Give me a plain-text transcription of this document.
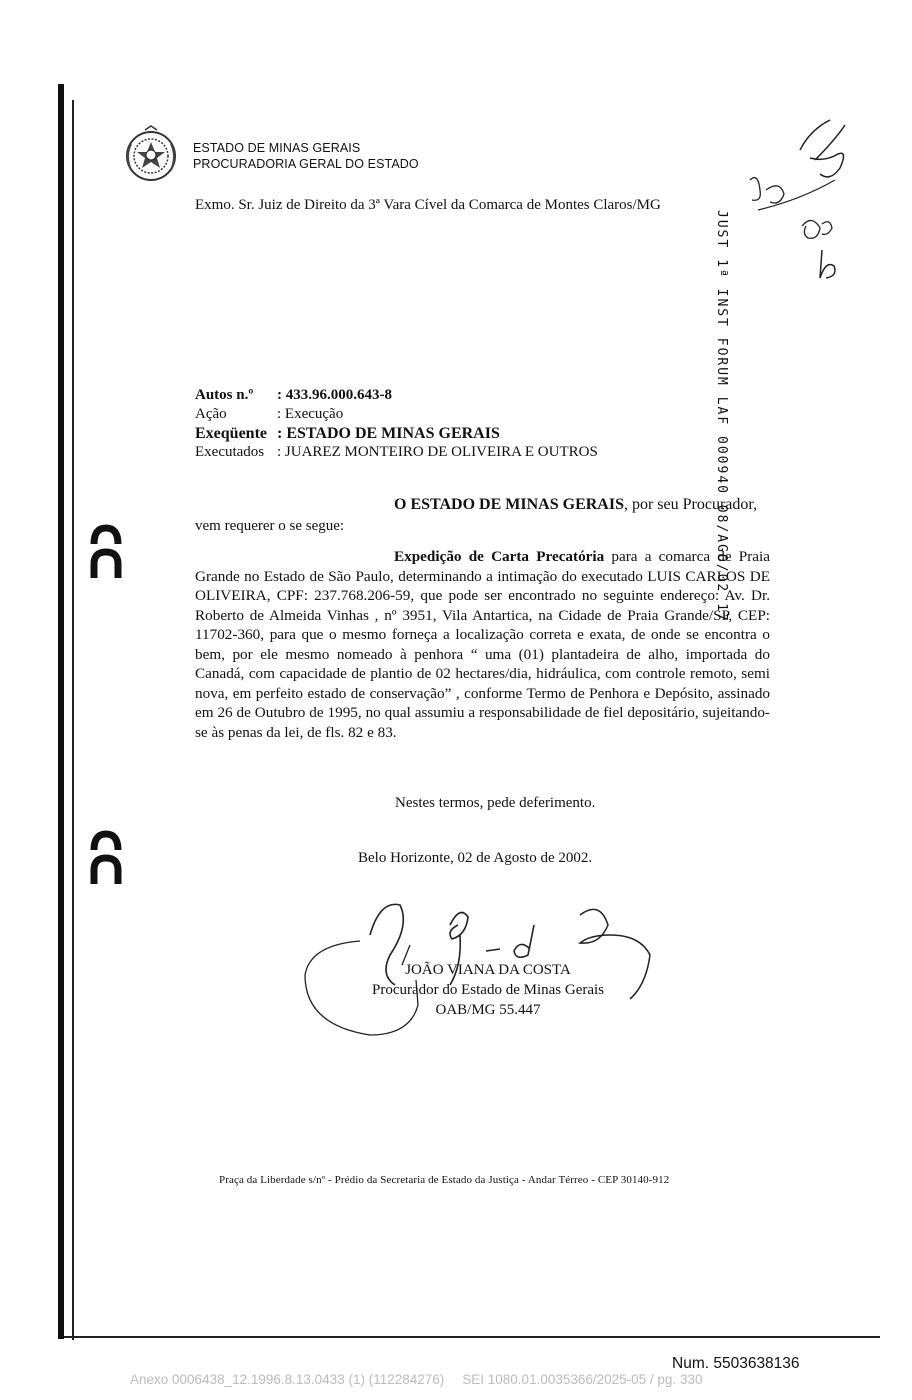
ESTADO DE MINAS GERAIS
PROCURADORIA GERAL DO ESTADO
Exmo. Sr. Juiz de Direito da 3ª Vara Cível da Comarca de Montes Claros/MG
JUST 1ª INST FORUM LAF 000940 08/AGO/02 17
Autos n.º : 433.96.000.643-8
Ação	: Execução
Exeqüente : ESTADO DE MINAS GERAIS
Executados : JUAREZ MONTEIRO DE OLIVEIRA E OUTROS
O ESTADO DE MINAS GERAIS, por seu Procurador,
vem requerer o se segue:
Expedição de Carta Precatória para a comarca de Praia Grande no Estado de São Paulo, determinando a intimação do executado LUIS CARLOS DE OLIVEIRA, CPF: 237.768.206-59, que pode ser encontrado no seguinte endereço: Av. Dr. Roberto de Almeida Vinhas , nº 3951, Vila Antartica, na Cidade de Praia Grande/SP, CEP: 11702-360, para que o mesmo forneça a localização correta e exata, de onde se encontra o bem, por ele mesmo nomeado à penhora “ uma (01) plantadeira de alho, importada do Canadá, com capacidade de plantio de 02 hectares/dia, hidráulica, com controle remoto, semi nova, em perfeito estado de conservação” , conforme Termo de Penhora e Depósito, assinado em 26 de Outubro de 1995, no qual assumiu a responsabilidade de fiel depositário, sujeitando-se às penas da lei, de fls. 82 e 83.
Nestes termos, pede deferimento.
Belo Horizonte, 02 de Agosto de 2002.
JOÃO VIANA DA COSTA
Procurador do Estado de Minas Gerais
OAB/MG 55.447
Praça da Liberdade s/nº - Prédio da Secretaria de Estado da Justiça - Andar Térreo - CEP 30140-912
Num. 5503638136
Anexo 0006438_12.1996.8.13.0433 (1) (112284276) SEI 1080.01.0035366/2025-05 / pg. 330
